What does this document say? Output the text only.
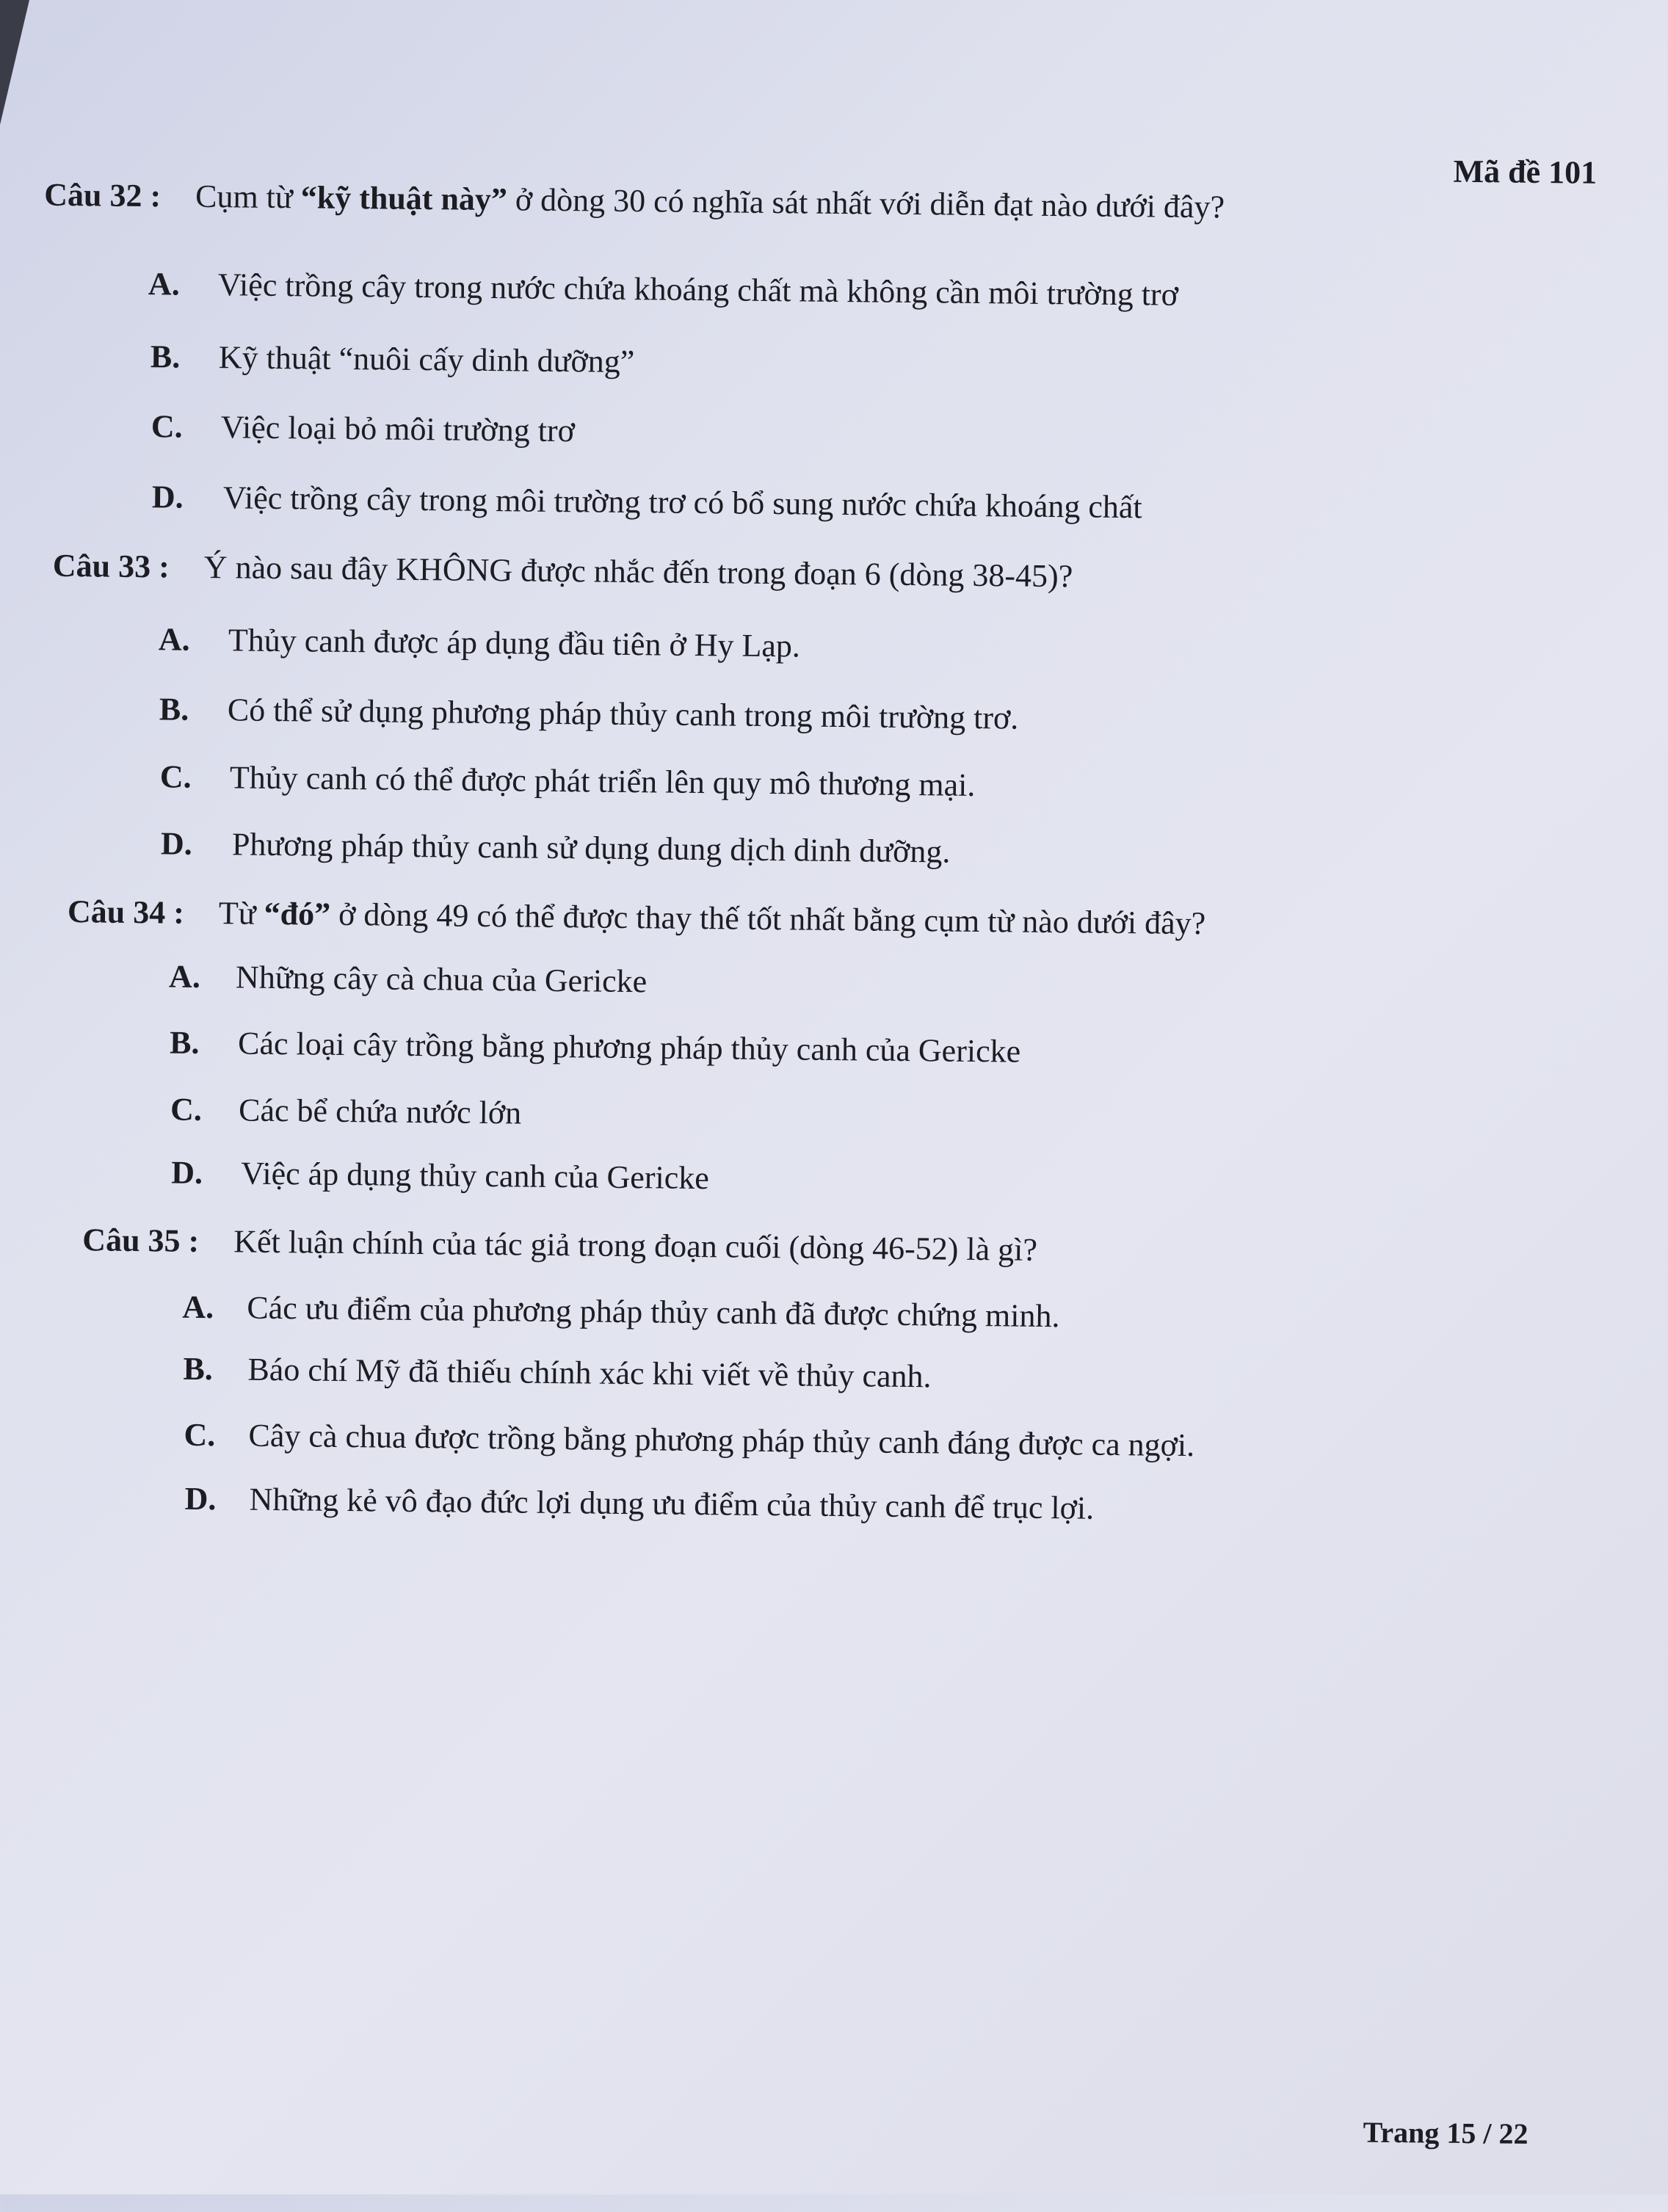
Mã đề 101
Câu 32 : Cụm từ “kỹ thuật này” ở dòng 30 có nghĩa sát nhất với diễn đạt nào dưới đây?
A. Việc trồng cây trong nước chứa khoáng chất mà không cần môi trường trơ
B. Kỹ thuật “nuôi cấy dinh dưỡng”
C. Việc loại bỏ môi trường trơ
D. Việc trồng cây trong môi trường trơ có bổ sung nước chứa khoáng chất
Câu 33 : Ý nào sau đây KHÔNG được nhắc đến trong đoạn 6 (dòng 38-45)?
A. Thủy canh được áp dụng đầu tiên ở Hy Lạp.
B. Có thể sử dụng phương pháp thủy canh trong môi trường trơ.
C. Thủy canh có thể được phát triển lên quy mô thương mại.
D. Phương pháp thủy canh sử dụng dung dịch dinh dưỡng.
Câu 34 : Từ “đó” ở dòng 49 có thể được thay thế tốt nhất bằng cụm từ nào dưới đây?
A. Những cây cà chua của Gericke
B. Các loại cây trồng bằng phương pháp thủy canh của Gericke
C. Các bể chứa nước lớn
D. Việc áp dụng thủy canh của Gericke
Câu 35 : Kết luận chính của tác giả trong đoạn cuối (dòng 46-52) là gì?
A. Các ưu điểm của phương pháp thủy canh đã được chứng minh.
B. Báo chí Mỹ đã thiếu chính xác khi viết về thủy canh.
C. Cây cà chua được trồng bằng phương pháp thủy canh đáng được ca ngợi.
D. Những kẻ vô đạo đức lợi dụng ưu điểm của thủy canh để trục lợi.
Trang 15 / 22
